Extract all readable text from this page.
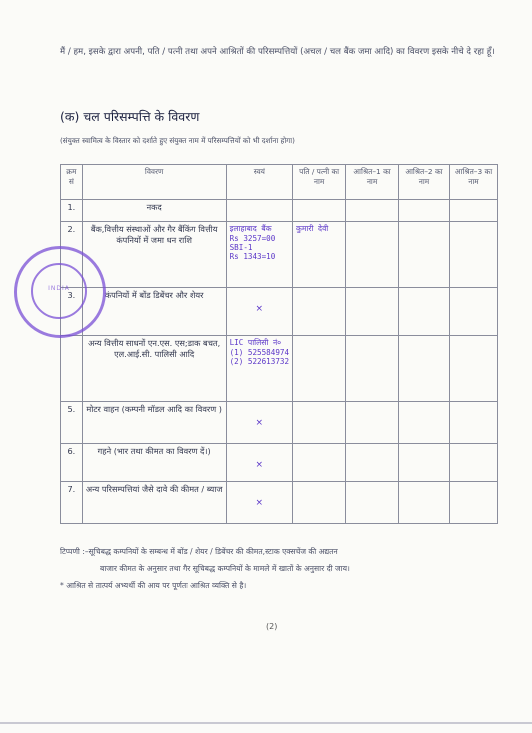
मैं / हम, इसके द्वारा अपनी, पति / पत्नी तथा अपने आश्रितों की परिसम्पत्तियों (अचल / चल बैंक जमा आदि) का विवरण इसके नीचे दे रहा हूँ।
(क) चल परिसम्पत्ति के विवरण
(संयुक्त स्वामित्व के विस्तार को दर्शाते हुए संयुक्त नाम में परिसम्पत्तियों को भी दर्शाना होगा)
क्रम सं	विवरण	स्वयं	पति / पत्नी का नाम	आश्रित–1 का नाम	आश्रित–2 का नाम	आश्रित–3 का नाम
1.	नकद					
2.	बैंक,वित्तीय संस्थाओं और गैर बैंकिंग वित्तीय कंपनियों में जमा धन राशि	इलाहाबाद बैंक
Rs 3257=00
SBI-1
Rs 1343=10	कुमारी देवी			

3.	कंपनियों में बोंड डिबेंचर और शेयर	×				

	अन्य वित्तीय साधनों एन.एस. एस;डाक बचत, एल.आई.सी. पालिसी आदि	LIC पालिसी नं०
(1) 525584974
(2) 522613732				

5.	मोटर वाहन (कम्पनी मॉडल आदि का विवरण )	×				

6.	गहने (भार तथा कीमत का विवरण दें।)	×				

7.	अन्य परिसम्पत्तियां जैसे दावे की कीमत / ब्याज	×				

INDIA
टिप्पणी :–सूचिबद्ध कम्पनियों के सम्बन्ध में बोंड / शेयर / डिबेंचर की कीमत,स्टाक एक्सचेंज की अद्यतन
बाजार कीमत के अनुसार तथा गैर सूचिबद्ध कम्पनियों के मामले में खातों के अनुसार दी जाय।
* आश्रित से तात्पर्य अभ्यर्थी की आय पर पूर्णतः आश्रित व्यक्ति से है।
(2)
